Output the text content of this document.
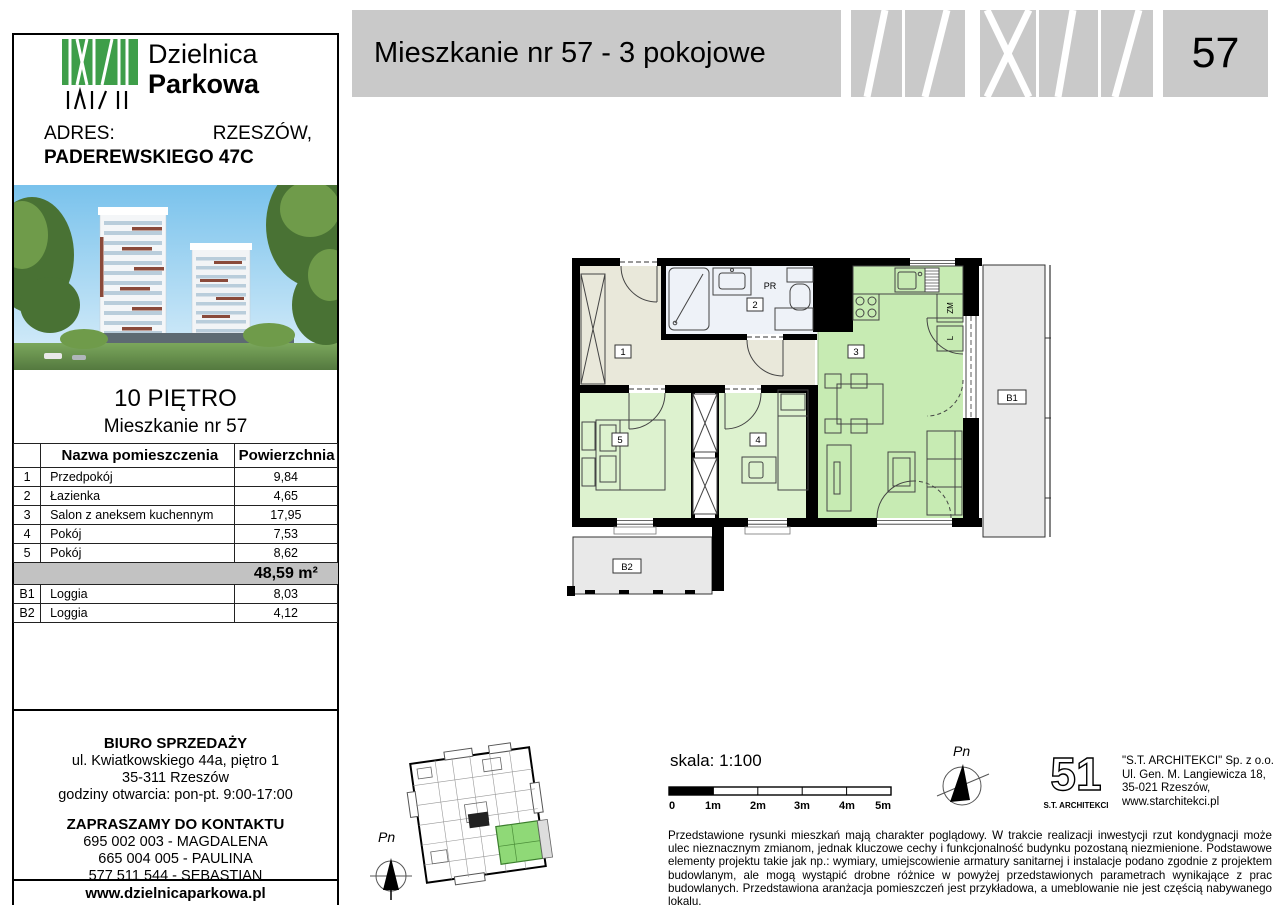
Dzielnica
Parkowa
ADRES:	RZESZÓW,
PADEREWSKIEGO 47C
10 PIĘTRO
Mieszkanie nr 57
	Nazwa pomieszczenia	Powierzchnia
1	Przedpokój	9,84
2	Łazienka	4,65
3	Salon z aneksem kuchennym	17,95
4	Pokój	7,53
5	Pokój	8,62
		48,59 m²
B1	Loggia	8,03
B2	Loggia	4,12
BIURO SPRZEDAŻY
ul. Kwiatkowskiego 44a, piętro 1
35-311 Rzeszów
godziny otwarcia: pon-pt. 9:00-17:00
ZAPRASZAMY DO KONTAKTU
695 002 003 - MAGDALENA
665 004 005 - PAULINA
577 511 544 - SEBASTIAN
www.dzielnicaparkowa.pl
Mieszkanie nr 57 - 3 pokojowe	57
1
2
3
4
5
B1
B2
PR
ZM
L
Pn
skala: 1:100
0	1m	2m	3m	4m 5m
Pn 51
S.T. ARCHITEKCI
"S.T. ARCHITEKCI" Sp. z o.o.
Ul. Gen. M. Langiewicza 18,
35-021 Rzeszów,
www.starchitekci.pl
Przedstawione rysunki mieszkań mają charakter poglądowy. W trakcie realizacji inwestycji rzut kondygnacji może ulec nieznacznym zmianom, jednak kluczowe cechy i funkcjonalność budynku pozostaną niezmienione. Podstawowe elementy projektu takie jak np.: wymiary, umiejscowienie armatury sanitarnej i instalacje podano zgodnie z projektem budowlanym, ale mogą wystąpić drobne różnice w powyżej przedstawionych parametrach wynikające z prac budowlanych. Przedstawiona aranżacja pomieszczeń jest przykładowa, a umeblowanie nie jest częścią nabywanego lokalu.
